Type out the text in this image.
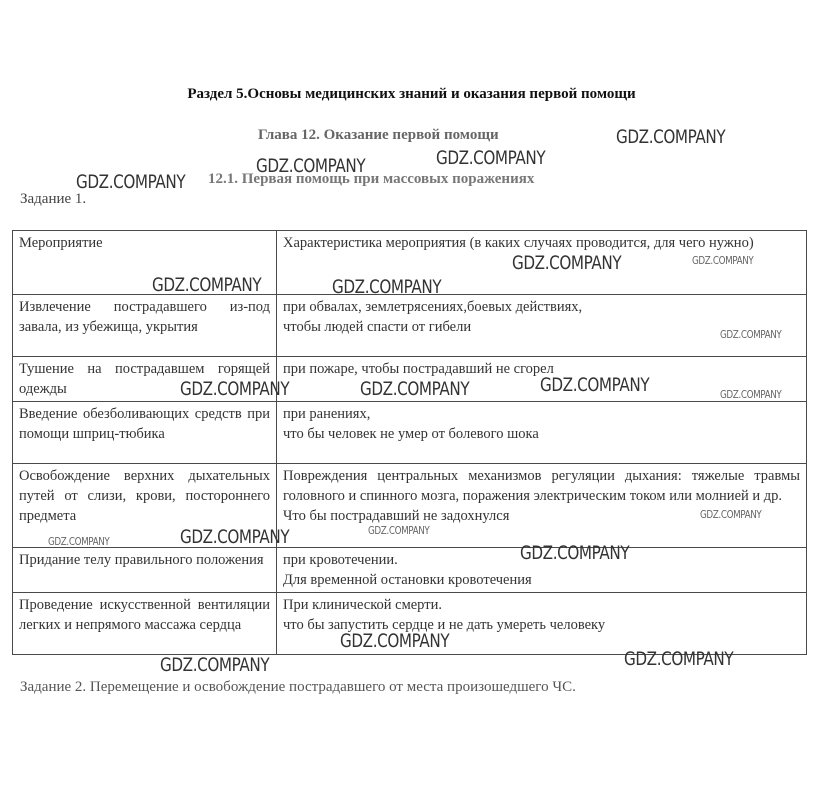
Раздел 5.Основы медицинских знаний и оказания первой помощи
Глава 12. Оказание первой помощи
12.1. Первая помощь при массовых поражениях
Задание 1.
Мероприятие	Характеристика мероприятия (в каких случаях проводится, для чего нужно)
Извлечение пострадавшего из-под завала, из убежища, укрытия	при обвалах, землетрясениях,боевых действиях,
чтобы людей спасти от гибели

Тушение на пострадавшем горящей одежды	при пожаре, чтобы пострадавший не сгорел

Введение обезболивающих средств при помощи шприц-тюбика	при ранениях,
что бы человек не умер от болевого шока

Освобождение верхних дыхательных путей от слизи, крови, постороннего предмета	Повреждения центральных механизмов регуляции дыхания: тяжелые травмы головного и спинного мозга, поражения электрическим током или молнией и др.
Что бы пострадавший не задохнулся

Придание телу правильного положения	при кровотечении.
Для временной остановки кровотечения

Проведение искусственной вентиляции легких и непрямого массажа сердца	При клинической смерти.
что бы запустить сердце и не дать умереть человеку
Задание 2. Перемещение и освобождение пострадавшего от места произошедшего ЧС.
GDZ.COMPANY
GDZ.COMPANY	GDZ.COMPANY
GDZ.COMPANY
GDZ.COMPANY	GDZ.COMPANY
GDZ.COMPANY	GDZ.COMPANY
GDZ.COMPANY
GDZ.COMPANY	GDZ.COMPANY	GDZ.COMPANY	GDZ.COMPANY
GDZ.COMPANY
GDZ.COMPANY
GDZ.COMPANY
GDZ.COMPANY
GDZ.COMPANY
GDZ.COMPANY
GDZ.COMPANY	GDZ.COMPANY
